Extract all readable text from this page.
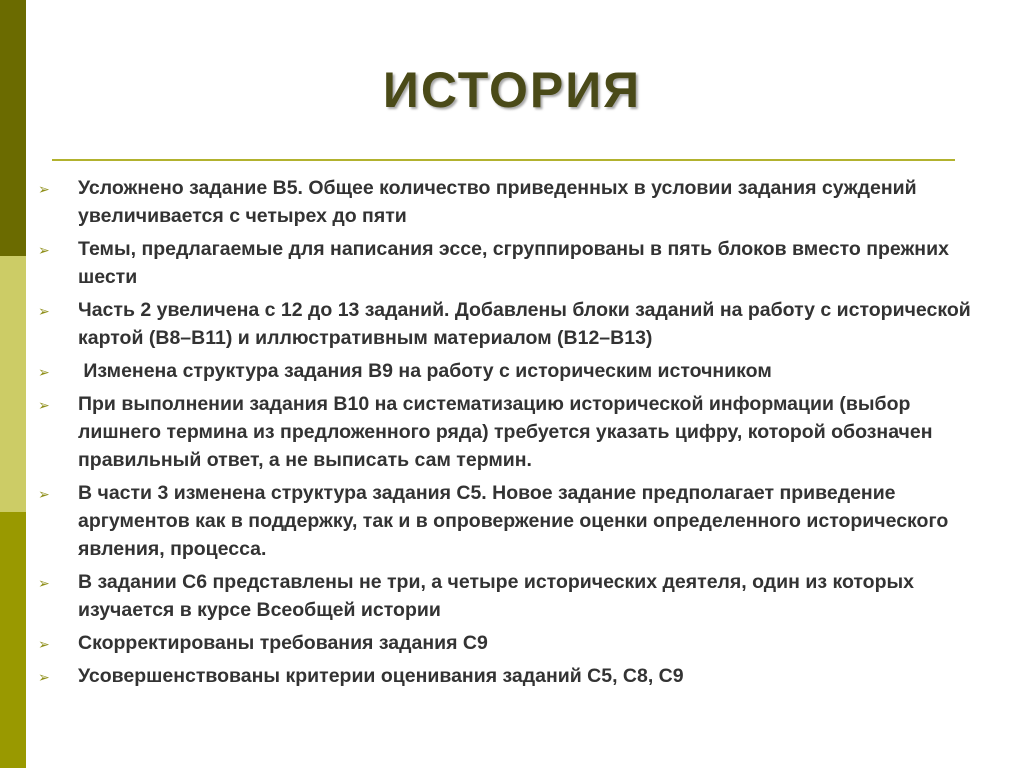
ИСТОРИЯ
➢ Усложнено задание В5. Общее количество приведенных в условии задания суждений увеличивается с четырех до пяти
➢ Темы, предлагаемые для написания эссе, сгруппированы в пять блоков вместо прежних шести
➢ Часть 2 увеличена с 12 до 13 заданий. Добавлены блоки заданий на работу с исторической картой (В8–В11) и иллюстративным материалом (В12–В13)
➢ Изменена структура задания В9 на работу с историческим источником
➢ При выполнении задания В10 на систематизацию исторической информации (выбор лишнего термина из предложенного ряда) требуется указать цифру, которой обозначен правильный ответ, а не выписать сам термин.
➢ В части 3 изменена структура задания С5. Новое задание предполагает приведение аргументов как в поддержку, так и в опровержение оценки определенного исторического явления, процесса.
➢ В задании С6 представлены не три, а четыре исторических деятеля, один из которых изучается в курсе Всеобщей истории
➢ Скорректированы требования задания С9
➢ Усовершенствованы критерии оценивания заданий С5, С8, С9
